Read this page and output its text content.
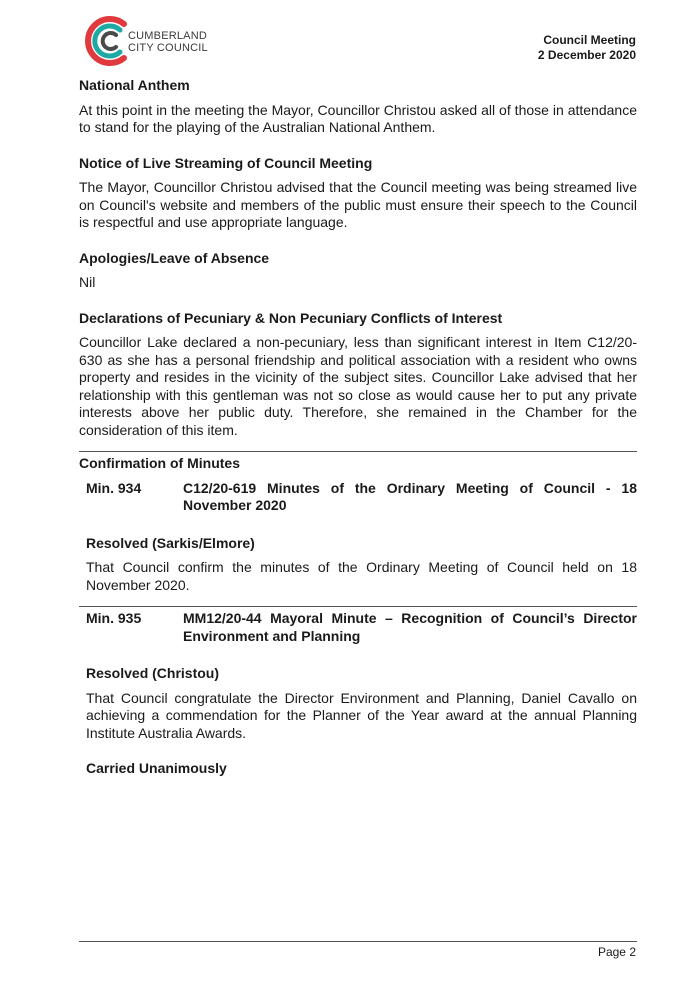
CUMBERLAND
CITY COUNCIL
Council Meeting
2 December 2020
National Anthem

At this point in the meeting the Mayor, Councillor Christou asked all of those in attendance to stand for the playing of the Australian National Anthem.

Notice of Live Streaming of Council Meeting

The Mayor, Councillor Christou advised that the Council meeting was being streamed live on Council's website and members of the public must ensure their speech to the Council is respectful and use appropriate language.

Apologies/Leave of Absence

Nil

Declarations of Pecuniary & Non Pecuniary Conflicts of Interest

Councillor Lake declared a non-pecuniary, less than significant interest in Item C12/20-630 as she has a personal friendship and political association with a resident who owns property and resides in the vicinity of the subject sites. Councillor Lake advised that her relationship with this gentleman was not so close as would cause her to put any private interests above her public duty. Therefore, she remained in the Chamber for the consideration of this item.

Confirmation of Minutes
Min. 934	C12/20-619 Minutes of the Ordinary Meeting of Council - 18 November 2020
Resolved (Sarkis/Elmore)

That Council confirm the minutes of the Ordinary Meeting of Council held on 18 November 2020.

Min. 935	MM12/20-44 Mayoral Minute – Recognition of Council’s Director Environment and Planning
Resolved (Christou)

That Council congratulate the Director Environment and Planning, Daniel Cavallo on achieving a commendation for the Planner of the Year award at the annual Planning Institute Australia Awards.

Carried Unanimously
Page 2
